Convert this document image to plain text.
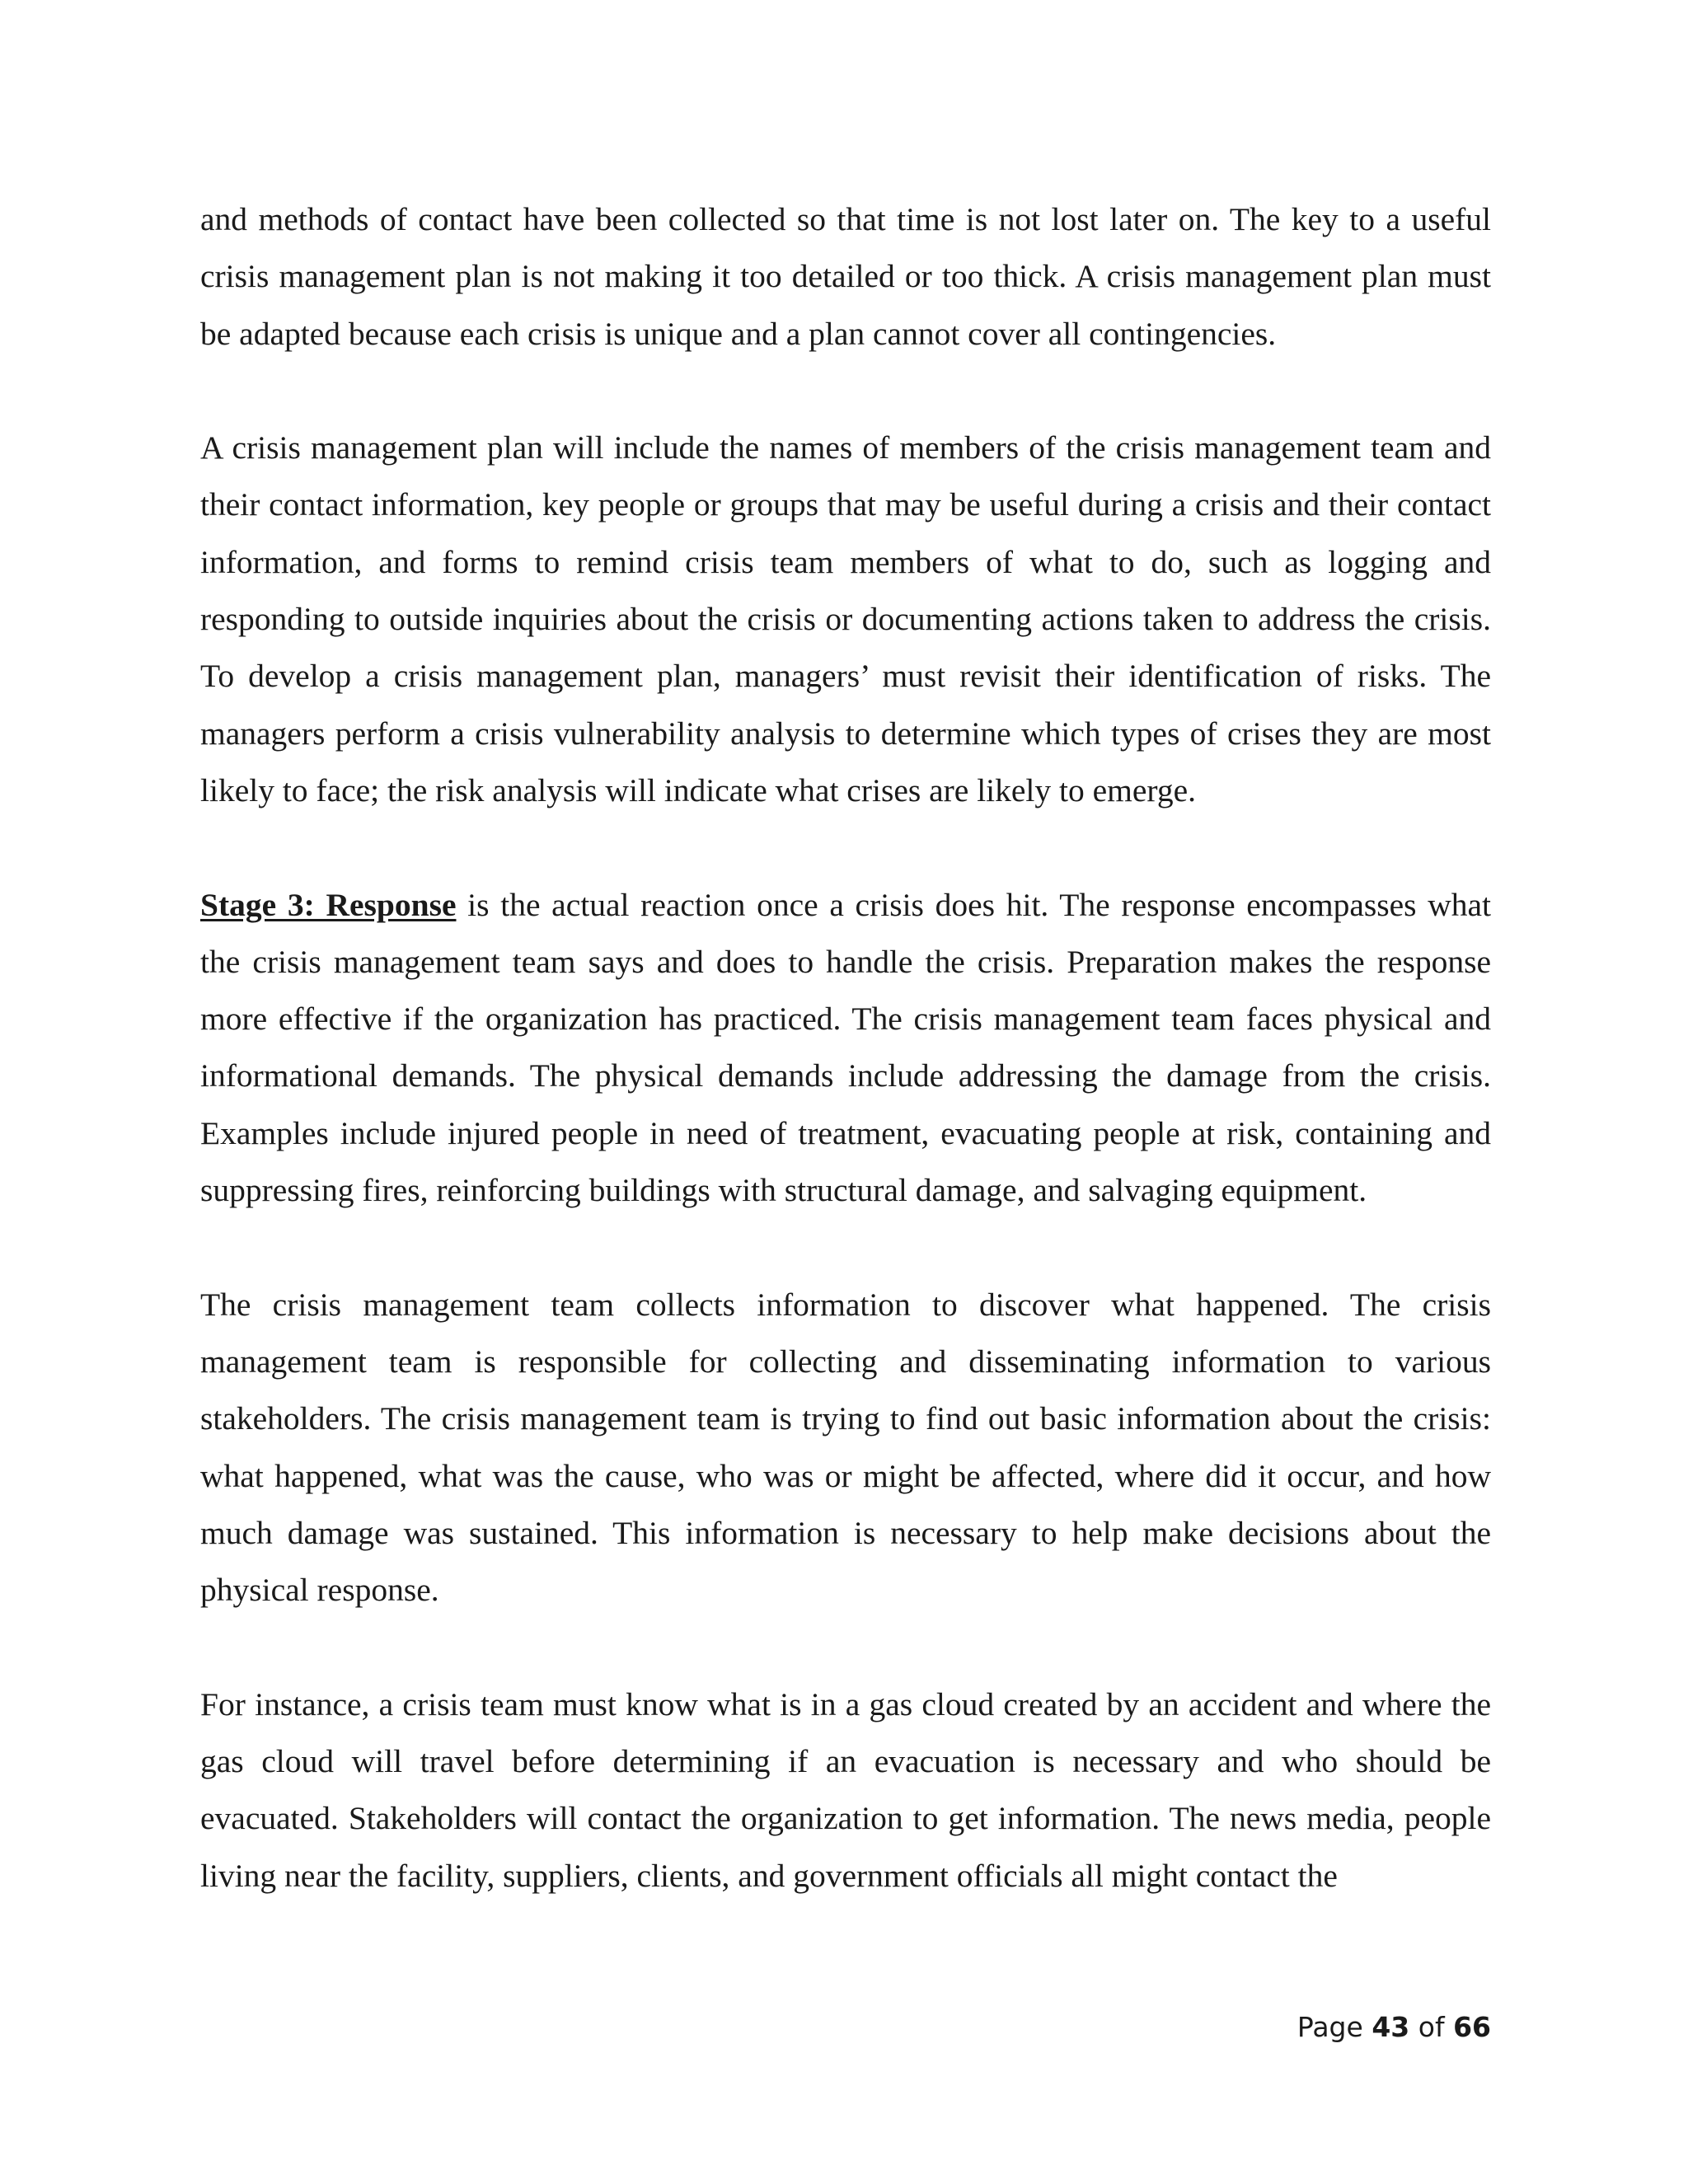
and methods of contact have been collected so that time is not lost later on. The key to a useful crisis management plan is not making it too detailed or too thick. A crisis management plan must be adapted because each crisis is unique and a plan cannot cover all contingencies.

A crisis management plan will include the names of members of the crisis management team and their contact information, key people or groups that may be useful during a crisis and their contact information, and forms to remind crisis team members of what to do, such as logging and responding to outside inquiries about the crisis or documenting actions taken to address the crisis. To develop a crisis management plan, managers’ must revisit their identification of risks. The managers perform a crisis vulnerability analysis to determine which types of crises they are most likely to face; the risk analysis will indicate what crises are likely to emerge.

Stage 3: Response is the actual reaction once a crisis does hit. The response encompasses what the crisis management team says and does to handle the crisis. Preparation makes the response more effective if the organization has practiced. The crisis management team faces physical and informational demands. The physical demands include addressing the damage from the crisis. Examples include injured people in need of treatment, evacuating people at risk, containing and suppressing fires, reinforcing buildings with structural damage, and salvaging equipment.

The crisis management team collects information to discover what happened. The crisis management team is responsible for collecting and disseminating information to various stakeholders. The crisis management team is trying to find out basic information about the crisis: what happened, what was the cause, who was or might be affected, where did it occur, and how much damage was sustained. This information is necessary to help make decisions about the physical response.

For instance, a crisis team must know what is in a gas cloud created by an accident and where the gas cloud will travel before determining if an evacuation is necessary and who should be evacuated. Stakeholders will contact the organization to get information. The news media, people living near the facility, suppliers, clients, and government officials all might contact the

Page 43 of 66
